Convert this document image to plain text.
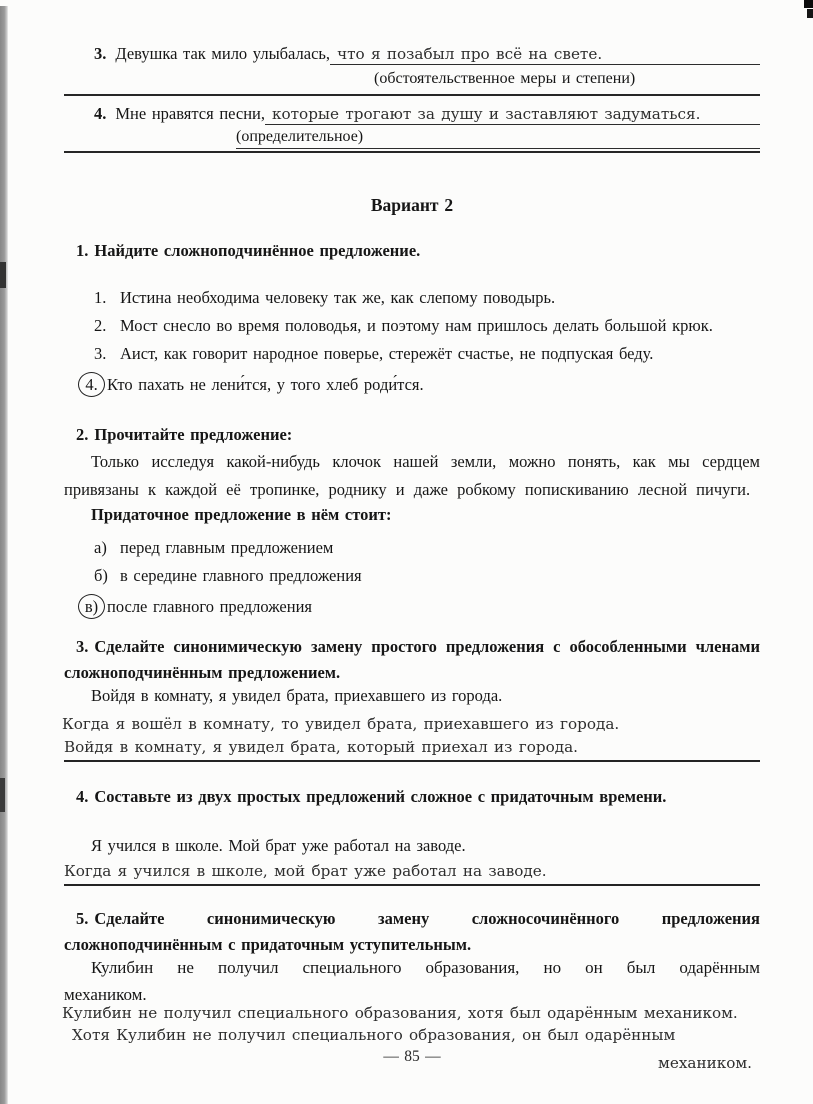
3. Девушка так мило улыбалась, что я позабыл про всё на свете.
(обстоятельственное меры и степени)
4. Мне нравятся песни, которые трогают за душу и заставляют задуматься.
(определительное)
Вариант 2
1. Найдите сложноподчинённое предложение.
1. Истина необходима человеку так же, как слепому поводырь.
2. Мост снесло во время половодья, и поэтому нам пришлось делать большой крюк.
3. Аист, как говорит народное поверье, стережёт счастье, не подпуская беду.
4. Кто пахать не лени́тся, у того хлеб роди́тся.
2. Прочитайте предложение:
Только исследуя какой-нибудь клочок нашей земли, можно понять, как мы сердцем привязаны к каждой её тропинке, роднику и даже робкому попискиванию лесной пичуги.
Придаточное предложение в нём стоит:
а) перед главным предложением
б) в середине главного предложения
в) после главного предложения
3. Сделайте синонимическую замену простого предложения с обособленными членами сложноподчинённым предложением.
Войдя в комнату, я увидел брата, приехавшего из города.
Когда я вошёл в комнату, то увидел брата, приехавшего из города.
Войдя в комнату, я увидел брата, который приехал из города.
4. Составьте из двух простых предложений сложное с придаточным времени.
Я учился в школе. Мой брат уже работал на заводе.
Когда я учился в школе, мой брат уже работал на заводе.
5. Сделайте синонимическую замену сложносочинённого предложения сложноподчинённым с придаточным уступительным.
Кулибин не получил специального образования, но он был одарённым механиком.
Кулибин не получил специального образования, хотя был одарённым механиком.
Хотя Кулибин не получил специального образования, он был одарённым
— 85 —	механиком.
